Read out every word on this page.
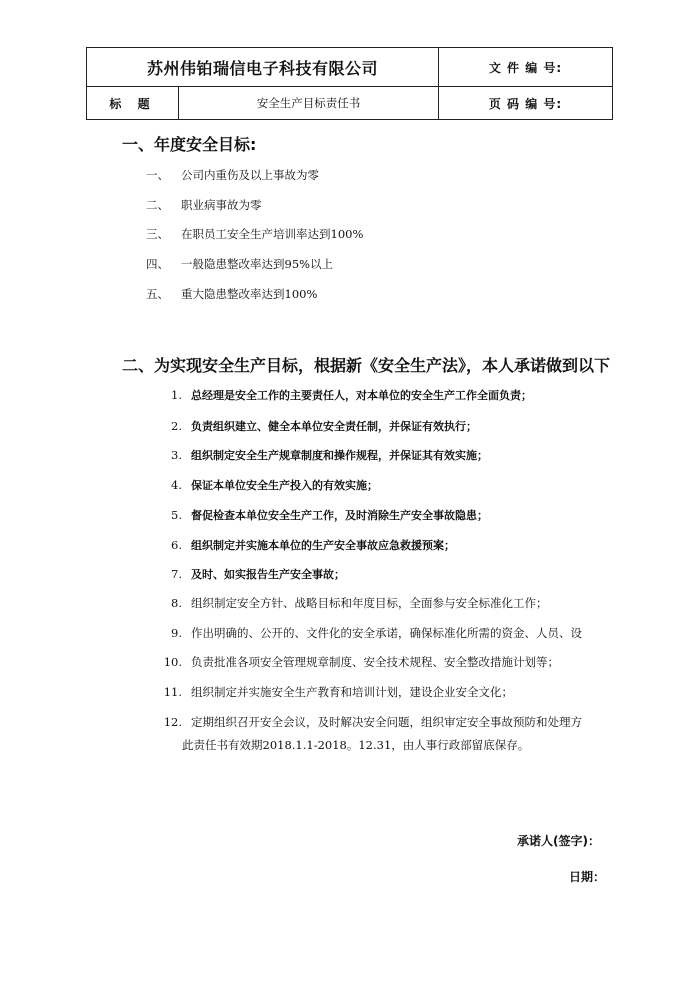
苏州伟铂瑞信电子科技有限公司		文 件 编 号:
标 题	安全生产目标责任书	页 码 编 号:
一、年度安全目标:
一、 公司内重伤及以上事故为零
二、 职业病事故为零
三、 在职员工安全生产培训率达到100%
四、 一般隐患整改率达到95%以上
五、 重大隐患整改率达到100%
二、为实现安全生产目标，根据新《安全生产法》，本人承诺做到以下
1. 总经理是安全工作的主要责任人，对本单位的安全生产工作全面负责；
2. 负责组织建立、健全本单位安全责任制，并保证有效执行；
3. 组织制定安全生产规章制度和操作规程，并保证其有效实施；
4. 保证本单位安全生产投入的有效实施；
5. 督促检查本单位安全生产工作，及时消除生产安全事故隐患；
6. 组织制定并实施本单位的生产安全事故应急救援预案；
7. 及时、如实报告生产安全事故；
8. 组织制定安全方针、战略目标和年度目标，全面参与安全标准化工作；
9. 作出明确的、公开的、文件化的安全承诺，确保标准化所需的资金、人员、设
10. 负责批准各项安全管理规章制度、安全技术规程、安全整改措施计划等；
11. 组织制定并实施安全生产教育和培训计划，建设企业安全文化；
12. 定期组织召开安全会议，及时解决安全问题，组织审定安全事故预防和处理方
此责任书有效期2018.1.1-2018。12.31，由人事行政部留底保存。
承诺人(签字)：
日期：
